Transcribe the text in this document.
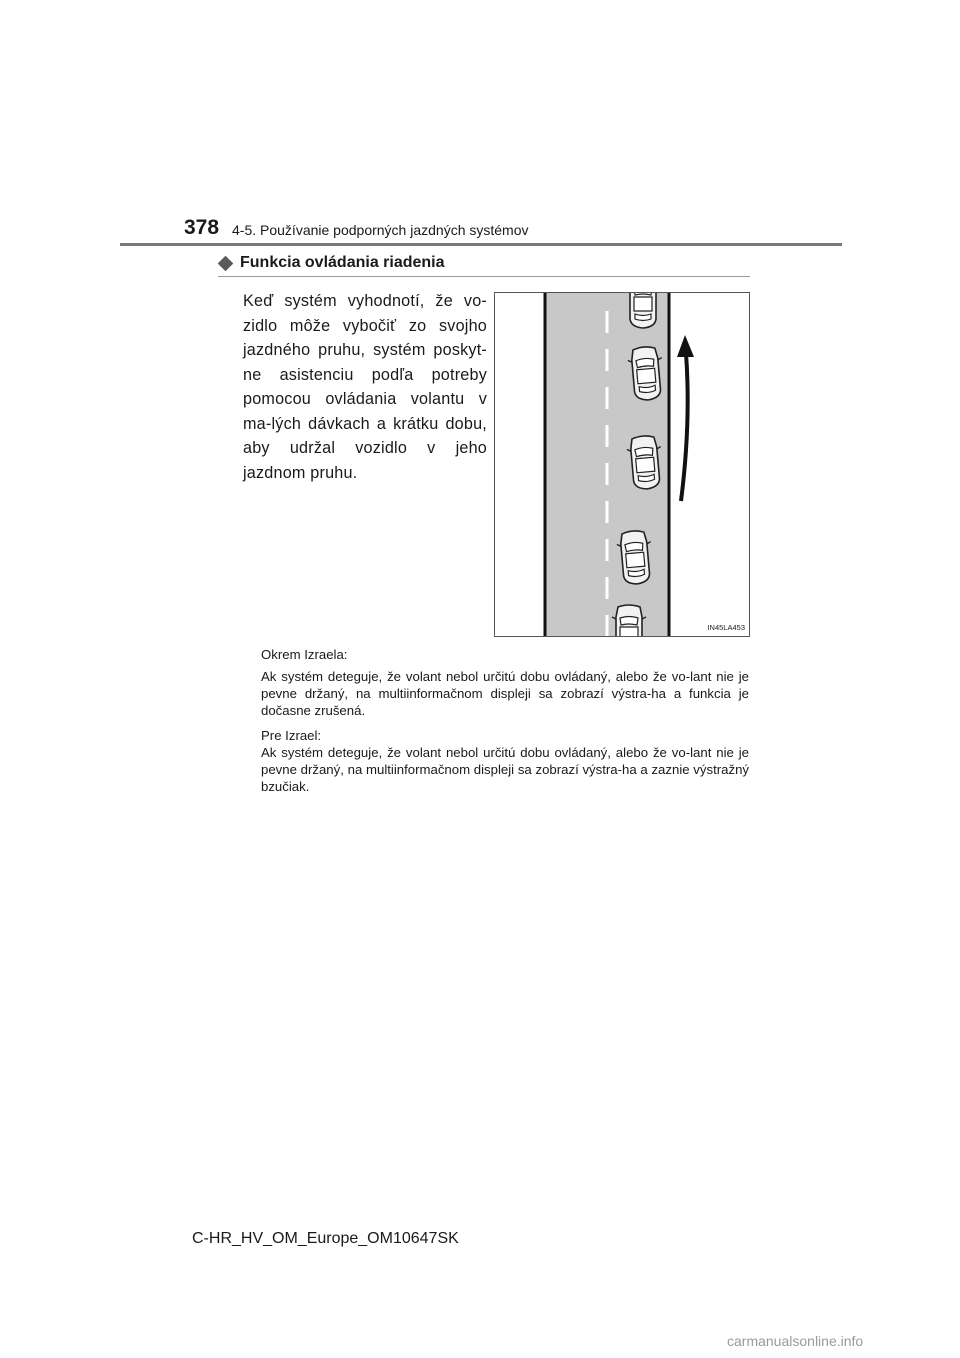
378 4-5. Používanie podporných jazdných systémov
Funkcia ovládania riadenia
Keď systém vyhodnotí, že vo-zidlo môže vybočiť zo svojho jazdného pruhu, systém poskyt-ne asistenciu podľa potreby pomocou ovládania volantu v ma-lých dávkach a krátku dobu, aby udržal vozidlo v jeho jazdnom pruhu.
IN45LA453
Okrem Izraela:
Ak systém deteguje, že volant nebol určitú dobu ovládaný, alebo že vo-lant nie je pevne držaný, na multiinformačnom displeji sa zobrazí výstra-ha a funkcia je dočasne zrušená.
Pre Izrael:
Ak systém deteguje, že volant nebol určitú dobu ovládaný, alebo že vo-lant nie je pevne držaný, na multiinformačnom displeji sa zobrazí výstra-ha a zaznie výstražný bzučiak.
C-HR_HV_OM_Europe_OM10647SK
carmanualsonline.info
